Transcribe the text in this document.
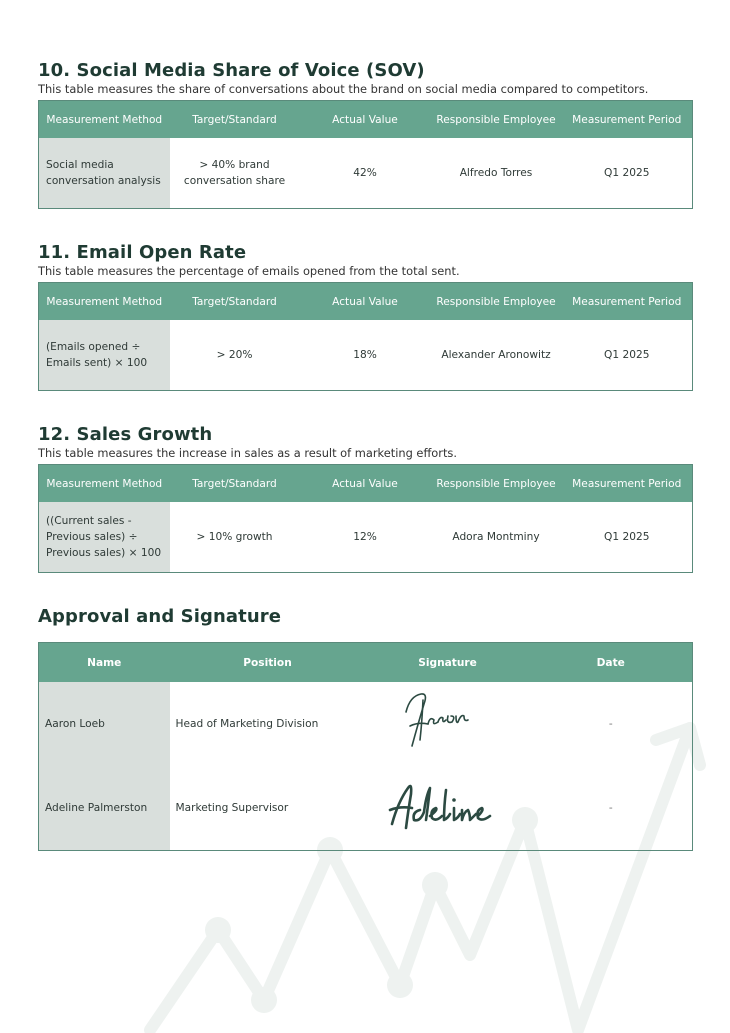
10. Social Media Share of Voice (SOV)

This table measures the share of conversations about the brand on social media compared to competitors.

Measurement Method	Target/Standard	Actual Value	Responsible Employee	Measurement Period
Social media
conversation analysis	> 40% brand
conversation share	42%	Alfredo Torres	Q1 2025
11. Email Open Rate

This table measures the percentage of emails opened from the total sent.

Measurement Method	Target/Standard	Actual Value	Responsible Employee	Measurement Period
(Emails opened ÷
Emails sent) × 100	> 20%	18%	Alexander Aronowitz	Q1 2025
12. Sales Growth

This table measures the increase in sales as a result of marketing efforts.

Measurement Method	Target/Standard	Actual Value	Responsible Employee	Measurement Period
((Current sales -
Previous sales) ÷
Previous sales) × 100	> 10% growth	12%	Adora Montminy	Q1 2025
Approval and Signature
Name	Position	Signature	Date
Aaron Loeb	Head of Marketing Division		-
Adeline Palmerston	Marketing Supervisor		-
